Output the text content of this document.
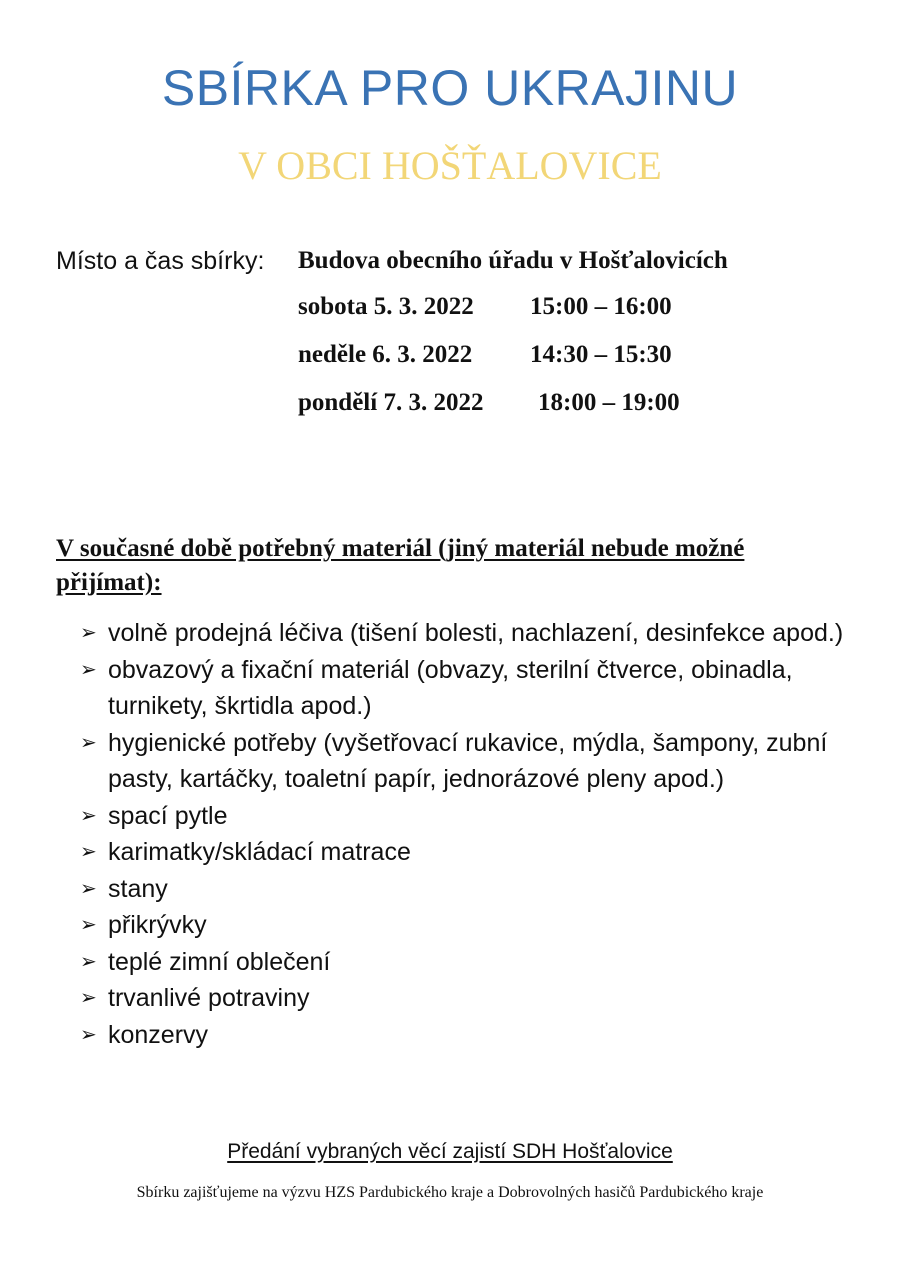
SBÍRKA PRO UKRAJINU
V OBCI HOŠŤALOVICE
Místo a čas sbírky: Budova obecního úřadu v Hošťalovicích
sobota 5. 3. 2022	15:00 – 16:00
neděle 6. 3. 2022	14:30 – 15:30
pondělí 7. 3. 2022	18:00 – 19:00
V současné době potřebný materiál (jiný materiál nebude možné přijímat):
➢ volně prodejná léčiva (tišení bolesti, nachlazení, desinfekce apod.)
➢ obvazový a fixační materiál (obvazy, sterilní čtverce, obinadla, turnikety, škrtidla apod.)
➢ hygienické potřeby (vyšetřovací rukavice, mýdla, šampony, zubní pasty, kartáčky, toaletní papír, jednorázové pleny apod.)
➢ spací pytle
➢ karimatky/skládací matrace
➢ stany
➢ přikrývky
➢ teplé zimní oblečení
➢ trvanlivé potraviny
➢ konzervy
Předání vybraných věcí zajistí SDH Hošťalovice
Sbírku zajišťujeme na výzvu HZS Pardubického kraje a Dobrovolných hasičů Pardubického kraje
